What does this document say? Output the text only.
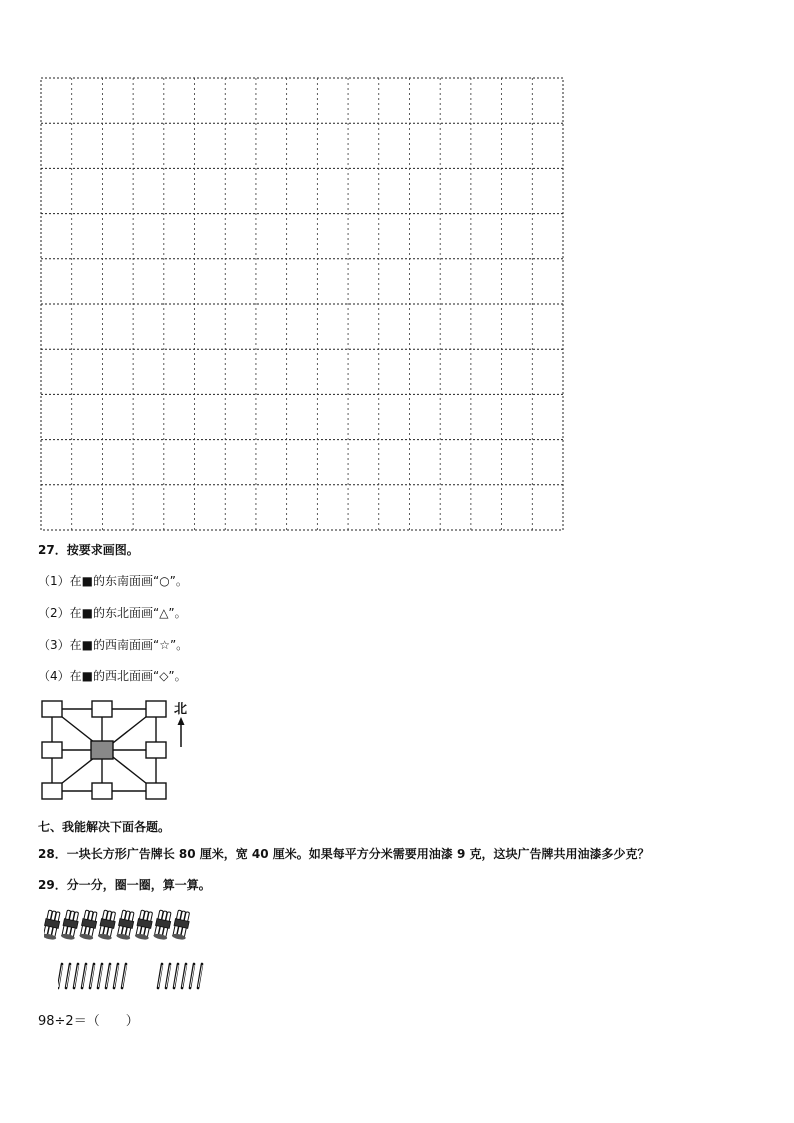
27．按要求画图。
（1）在■的东南面画“○”。
（2）在■的东北面画“△”。
（3）在■的西南面画“☆”。
（4）在■的西北面画“◇”。
北
七、我能解决下面各题。
28．一块长方形广告牌长 80 厘米，宽 40 厘米。如果每平方分米需要用油漆 9 克，这块广告牌共用油漆多少克？
29．分一分，圈一圈，算一算。
98÷2＝（　　）
